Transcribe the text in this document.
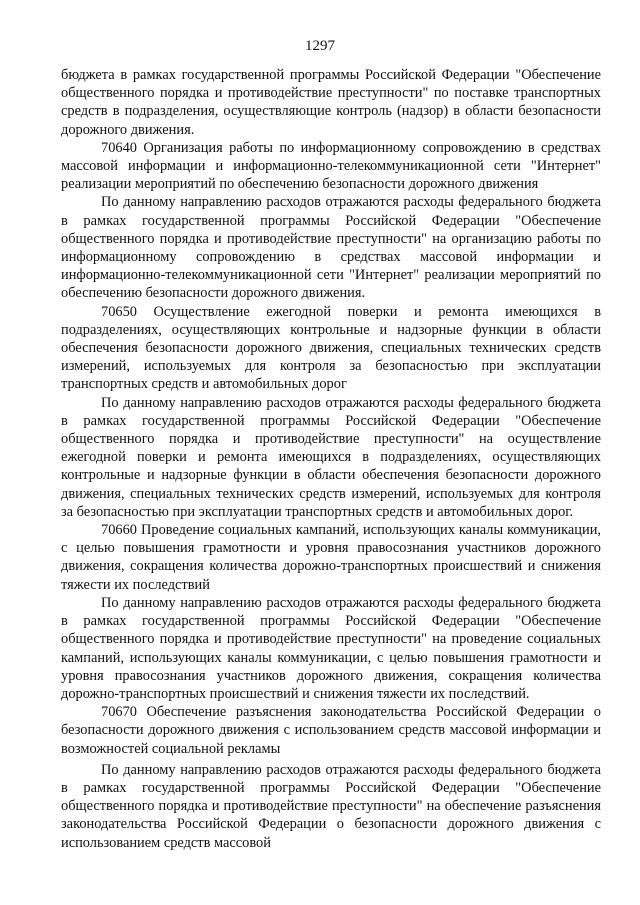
1297

бюджета в рамках государственной программы Российской Федерации "Обеспечение общественного порядка и противодействие преступности" по поставке транспортных средств в подразделения, осуществляющие контроль (надзор) в области безопасности дорожного движения.

70640 Организация работы по информационному сопровождению в средствах массовой информации и информационно-телекоммуникационной сети "Интернет" реализации мероприятий по обеспечению безопасности дорожного движения

По данному направлению расходов отражаются расходы федерального бюджета в рамках государственной программы Российской Федерации "Обеспечение общественного порядка и противодействие преступности" на организацию работы по информационному сопровождению в средствах массовой информации и информационно-телекоммуникационной сети "Интернет" реализации мероприятий по обеспечению безопасности дорожного движения.

70650 Осуществление ежегодной поверки и ремонта имеющихся в подразделениях, осуществляющих контрольные и надзорные функции в области обеспечения безопасности дорожного движения, специальных технических средств измерений, используемых для контроля за безопасностью при эксплуатации транспортных средств и автомобильных дорог

По данному направлению расходов отражаются расходы федерального бюджета в рамках государственной программы Российской Федерации "Обеспечение общественного порядка и противодействие преступности" на осуществление ежегодной поверки и ремонта имеющихся в подразделениях, осуществляющих контрольные и надзорные функции в области обеспечения безопасности дорожного движения, специальных технических средств измерений, используемых для контроля за безопасностью при эксплуатации транспортных средств и автомобильных дорог.

70660 Проведение социальных кампаний, использующих каналы коммуникации, с целью повышения грамотности и уровня правосознания участников дорожного движения, сокращения количества дорожно-транспортных происшествий и снижения тяжести их последствий

По данному направлению расходов отражаются расходы федерального бюджета в рамках государственной программы Российской Федерации "Обеспечение общественного порядка и противодействие преступности" на проведение социальных кампаний, использующих каналы коммуникации, с целью повышения грамотности и уровня правосознания участников дорожного движения, сокращения количества дорожно-транспортных происшествий и снижения тяжести их последствий.

70670 Обеспечение разъяснения законодательства Российской Федерации о безопасности дорожного движения с использованием средств массовой информации и возможностей социальной рекламы

По данному направлению расходов отражаются расходы федерального бюджета в рамках государственной программы Российской Федерации "Обеспечение общественного порядка и противодействие преступности" на обеспечение разъяснения законодательства Российской Федерации о безопасности дорожного движения с использованием средств массовой
